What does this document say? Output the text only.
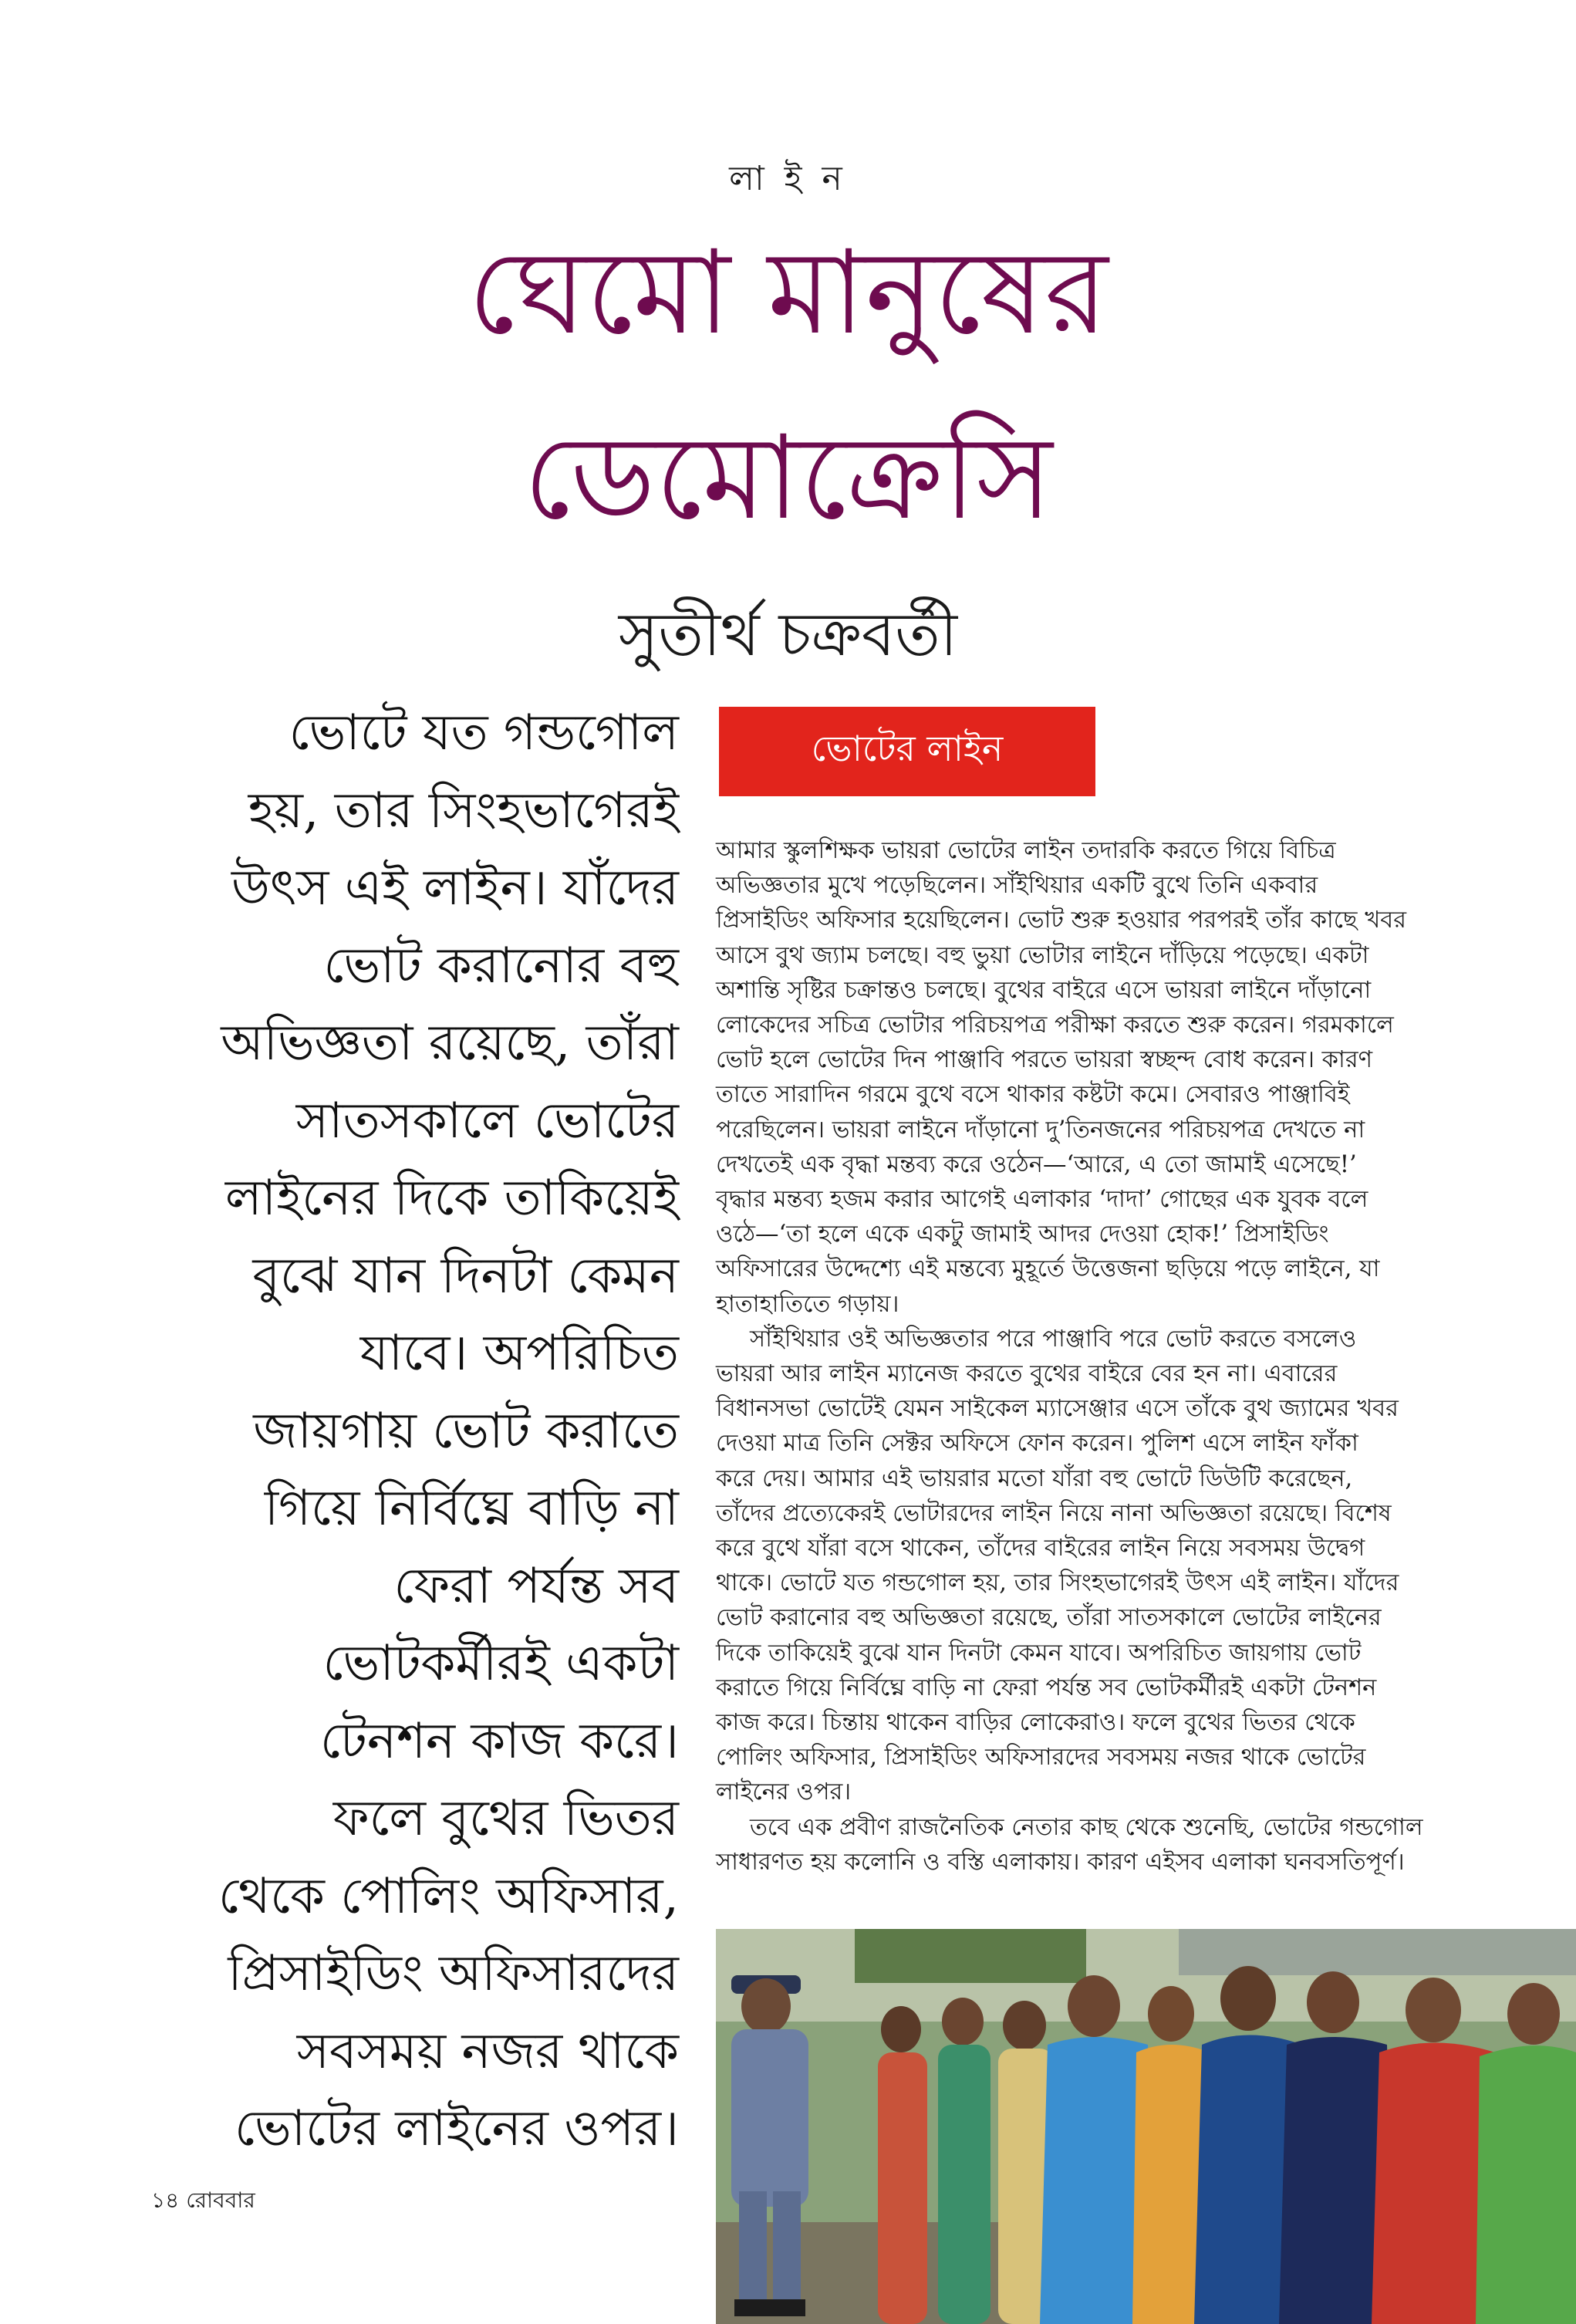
লা ই ন
ঘেমো মানুষের
ডেমোক্রেসি
সুতীর্থ চক্রবর্তী
ভোটে যত গন্ডগোল
হয়, তার সিংহভাগেরই
উৎস এই লাইন। যাঁদের
ভোট করানোর বহু
অভিজ্ঞতা রয়েছে, তাঁরা
সাতসকালে ভোটের
লাইনের দিকে তাকিয়েই
বুঝে যান দিনটা কেমন
যাবে। অপরিচিত
জায়গায় ভোট করাতে
গিয়ে নির্বিঘ্নে বাড়ি না
ফেরা পর্যন্ত সব
ভোটকর্মীরই একটা
টেনশন কাজ করে।
ফলে বুথের ভিতর
থেকে পোলিং অফিসার,
প্রিসাইডিং অফিসারদের
সবসময় নজর থাকে
ভোটের লাইনের ওপর।
ভোটের লাইন
আমার স্কুলশিক্ষক ভায়রা ভোটের লাইন তদারকি করতে গিয়ে বিচিত্র
অভিজ্ঞতার মুখে পড়েছিলেন। সাঁইথিয়ার একটি বুথে তিনি একবার
প্রিসাইডিং অফিসার হয়েছিলেন। ভোট শুরু হওয়ার পরপরই তাঁর কাছে খবর
আসে বুথ জ্যাম চলছে। বহু ভুয়া ভোটার লাইনে দাঁড়িয়ে পড়েছে। একটা
অশান্তি সৃষ্টির চক্রান্তও চলছে। বুথের বাইরে এসে ভায়রা লাইনে দাঁড়ানো
লোকেদের সচিত্র ভোটার পরিচয়পত্র পরীক্ষা করতে শুরু করেন। গরমকালে
ভোট হলে ভোটের দিন পাঞ্জাবি পরতে ভায়রা স্বচ্ছন্দ বোধ করেন। কারণ
তাতে সারাদিন গরমে বুথে বসে থাকার কষ্টটা কমে। সেবারও পাঞ্জাবিই
পরেছিলেন। ভায়রা লাইনে দাঁড়ানো দু’তিনজনের পরিচয়পত্র দেখতে না
দেখতেই এক বৃদ্ধা মন্তব্য করে ওঠেন—‘আরে, এ তো জামাই এসেছে!’
বৃদ্ধার মন্তব্য হজম করার আগেই এলাকার ‘দাদা’ গোছের এক যুবক বলে
ওঠে—‘তা হলে একে একটু জামাই আদর দেওয়া হোক!’ প্রিসাইডিং
অফিসারের উদ্দেশ্যে এই মন্তব্যে মুহূর্তে উত্তেজনা ছড়িয়ে পড়ে লাইনে, যা
হাতাহাতিতে গড়ায়।
সাঁইথিয়ার ওই অভিজ্ঞতার পরে পাঞ্জাবি পরে ভোট করতে বসলেও
ভায়রা আর লাইন ম্যানেজ করতে বুথের বাইরে বের হন না। এবারের
বিধানসভা ভোটেই যেমন সাইকেল ম্যাসেঞ্জার এসে তাঁকে বুথ জ্যামের খবর
দেওয়া মাত্র তিনি সেক্টর অফিসে ফোন করেন। পুলিশ এসে লাইন ফাঁকা
করে দেয়। আমার এই ভায়রার মতো যাঁরা বহু ভোটে ডিউটি করেছেন,
তাঁদের প্রত্যেকেরই ভোটারদের লাইন নিয়ে নানা অভিজ্ঞতা রয়েছে। বিশেষ
করে বুথে যাঁরা বসে থাকেন, তাঁদের বাইরের লাইন নিয়ে সবসময় উদ্বেগ
থাকে। ভোটে যত গন্ডগোল হয়, তার সিংহভাগেরই উৎস এই লাইন। যাঁদের
ভোট করানোর বহু অভিজ্ঞতা রয়েছে, তাঁরা সাতসকালে ভোটের লাইনের
দিকে তাকিয়েই বুঝে যান দিনটা কেমন যাবে। অপরিচিত জায়গায় ভোট
করাতে গিয়ে নির্বিঘ্নে বাড়ি না ফেরা পর্যন্ত সব ভোটকর্মীরই একটা টেনশন
কাজ করে। চিন্তায় থাকেন বাড়ির লোকেরাও। ফলে বুথের ভিতর থেকে
পোলিং অফিসার, প্রিসাইডিং অফিসারদের সবসময় নজর থাকে ভোটের
লাইনের ওপর।
তবে এক প্রবীণ রাজনৈতিক নেতার কাছ থেকে শুনেছি, ভোটের গন্ডগোল
সাধারণত হয় কলোনি ও বস্তি এলাকায়। কারণ এইসব এলাকা ঘনবসতিপূর্ণ।
১৪ রোববার
